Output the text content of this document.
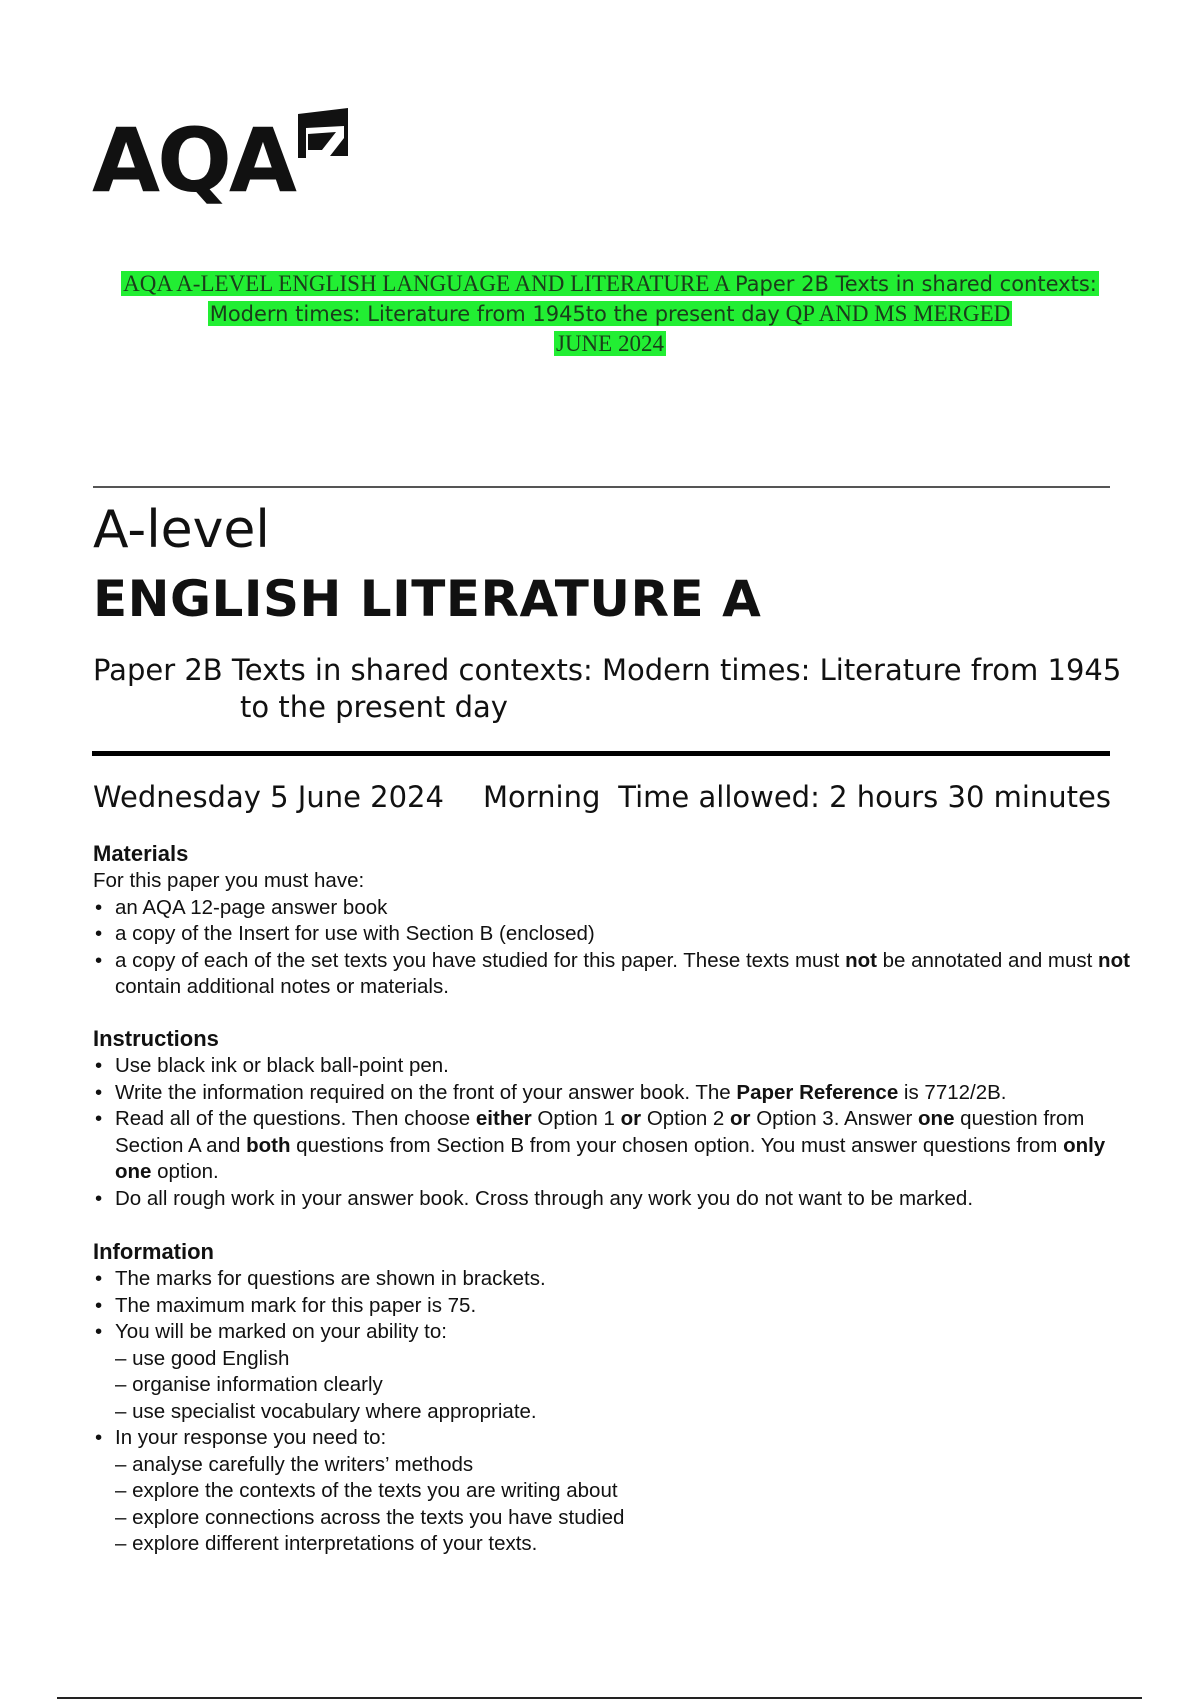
AQA
AQA A-LEVEL ENGLISH LANGUAGE AND LITERATURE A Paper 2B Texts in shared contexts:
Modern times: Literature from 1945to the present day QP AND MS MERGED
JUNE 2024
A-level
ENGLISH LITERATURE A
Paper 2B Texts in shared contexts: Modern times: Literature from 1945
to the present day
Wednesday 5 June 2024 Morning Time allowed: 2 hours 30 minutes
Materials

For this paper you must have:

• an AQA 12-page answer book
• a copy of the Insert for use with Section B (enclosed)
• a copy of each of the set texts you have studied for this paper. These texts must not be annotated and must not contain additional notes or materials.
Instructions
• Use black ink or black ball-point pen.
• Write the information required on the front of your answer book. The Paper Reference is 7712/2B.
• Read all of the questions. Then choose either Option 1 or Option 2 or Option 3. Answer one question from Section A and both questions from Section B from your chosen option. You must answer questions from only one option.
• Do all rough work in your answer book. Cross through any work you do not want to be marked.
Information
• The marks for questions are shown in brackets.
• The maximum mark for this paper is 75.
• You will be marked on your ability to:
– use good English
– organise information clearly
– use specialist vocabulary where appropriate.
• In your response you need to:
– analyse carefully the writers’ methods
– explore the contexts of the texts you are writing about
– explore connections across the texts you have studied
– explore different interpretations of your texts.
